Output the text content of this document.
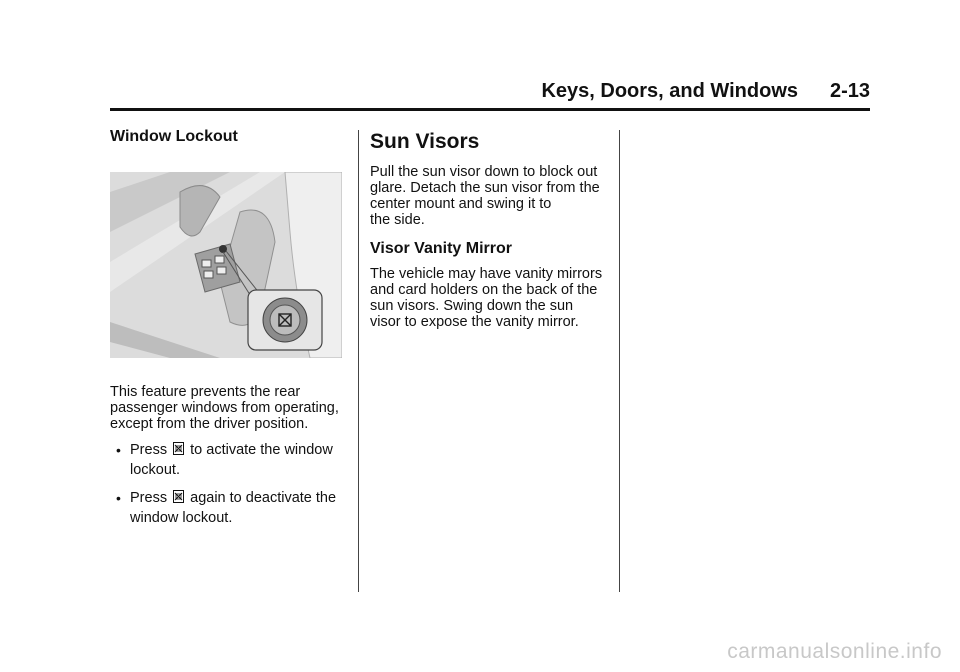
Keys, Doors, and Windows 2-13
Window Lockout

This feature prevents the rear
passenger windows from operating,
except from the driver position.

• Press to activate the window
lockout.
• Press again to deactivate the
window lockout.
Sun Visors

Pull the sun visor down to block out
glare. Detach the sun visor from the
center mount and swing it to
the side.

Visor Vanity Mirror

The vehicle may have vanity mirrors
and card holders on the back of the
sun visors. Swing down the sun
visor to expose the vanity mirror.

carmanualsonline.info
